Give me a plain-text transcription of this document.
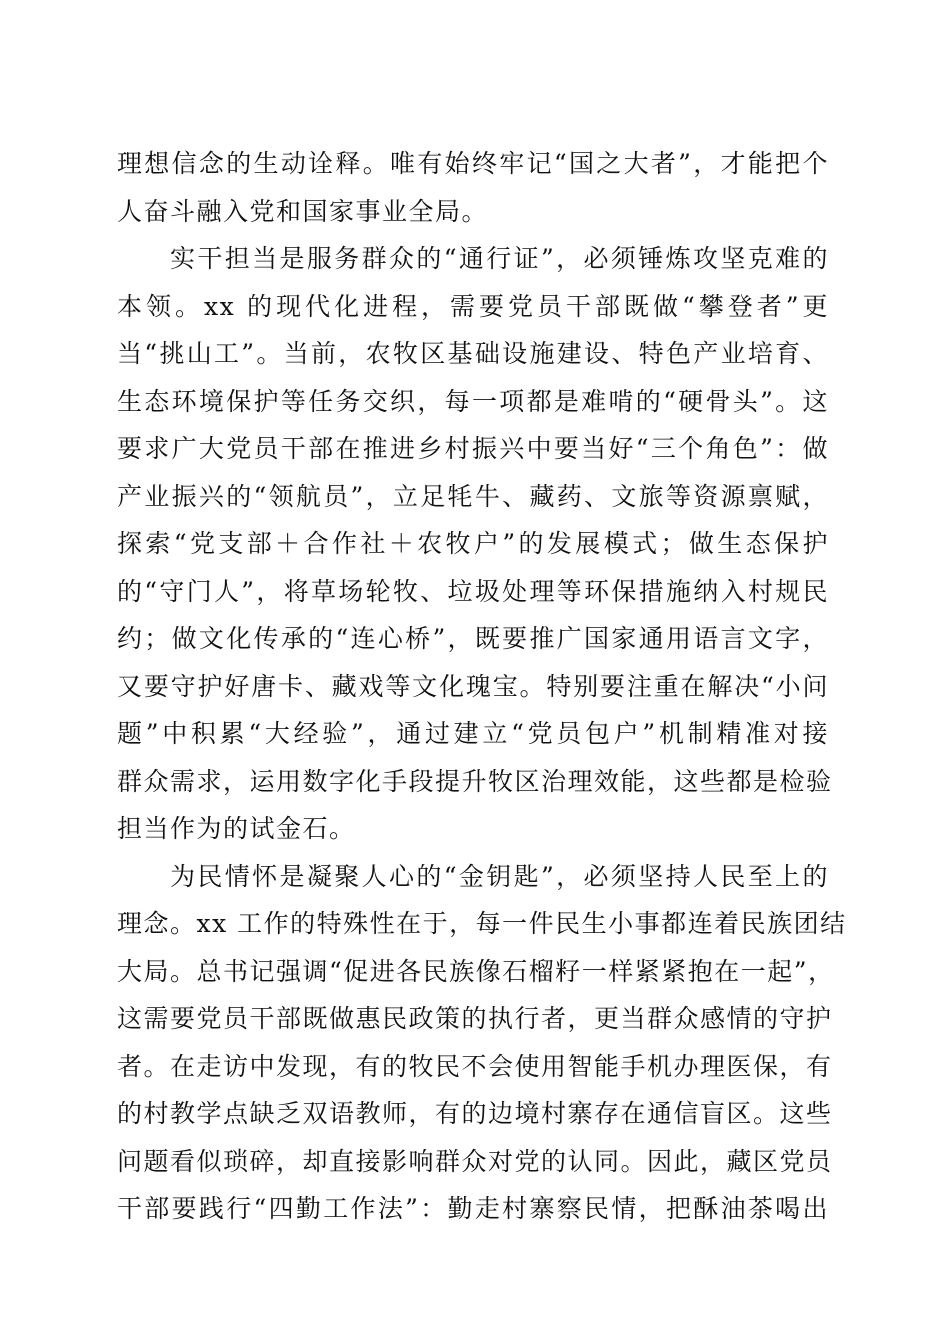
理想信念的生动诠释。唯有始终牢记“国之大者”，才能把个
人奋斗融入党和国家事业全局。
实干担当是服务群众的“通行证”，必须锤炼攻坚克难的
本领。xx 的现代化进程，需要党员干部既做“攀登者”更
当“挑山工”。当前，农牧区基础设施建设、特色产业培育、
生态环境保护等任务交织，每一项都是难啃的“硬骨头”。这
要求广大党员干部在推进乡村振兴中要当好“三个角色”：做
产业振兴的“领航员”，立足牦牛、藏药、文旅等资源禀赋，
探索“党支部＋合作社＋农牧户”的发展模式；做生态保护
的“守门人”，将草场轮牧、垃圾处理等环保措施纳入村规民
约；做文化传承的“连心桥”，既要推广国家通用语言文字，
又要守护好唐卡、藏戏等文化瑰宝。特别要注重在解决“小问
题”中积累“大经验”，通过建立“党员包户”机制精准对接
群众需求，运用数字化手段提升牧区治理效能，这些都是检验
担当作为的试金石。
为民情怀是凝聚人心的“金钥匙”，必须坚持人民至上的
理念。xx 工作的特殊性在于，每一件民生小事都连着民族团结
大局。总书记强调“促进各民族像石榴籽一样紧紧抱在一起”，
这需要党员干部既做惠民政策的执行者，更当群众感情的守护
者。在走访中发现，有的牧民不会使用智能手机办理医保，有
的村教学点缺乏双语教师，有的边境村寨存在通信盲区。这些
问题看似琐碎，却直接影响群众对党的认同。因此，藏区党员
干部要践行“四勤工作法”：勤走村寨察民情，把酥油茶喝出
